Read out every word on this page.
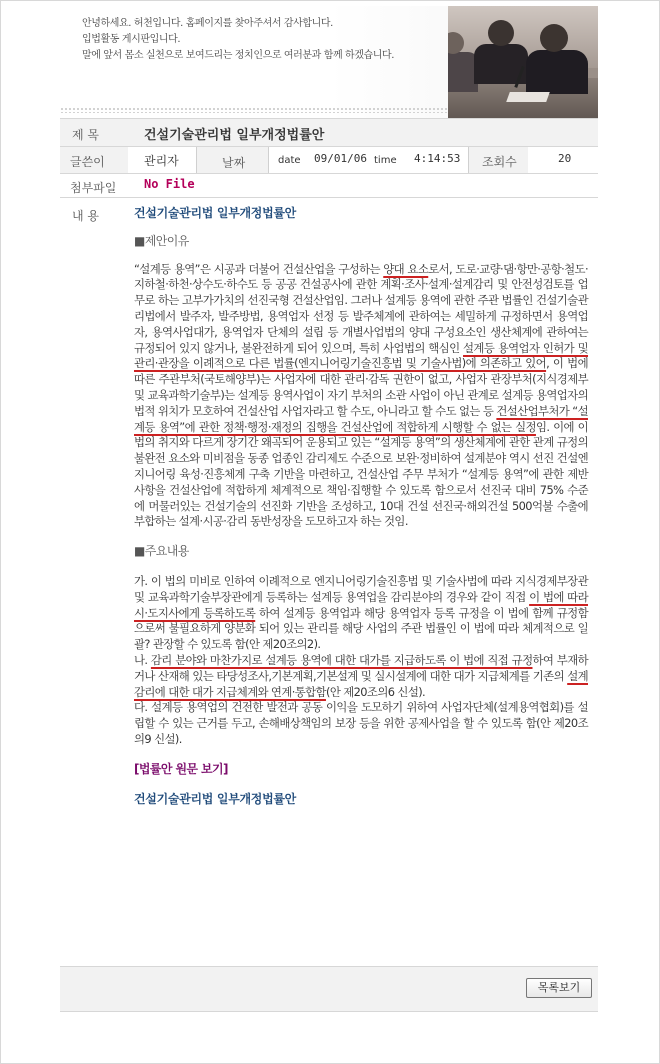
안녕하세요. 허천입니다. 홈페이지를 찾아주셔서 감사합니다.
입법활동 게시판입니다.
말에 앞서 몸소 실천으로 보여드리는 정치인으로 여러분과 함께 하겠습니다.
제 목	건설기술관리법 일부개정법률안
글쓴이	관리자	날짜	date 09/01/06 time 4:14:53 조회수	20
첨부파일 No File
내 용	건설기술관리법 일부개정법률안

■제안이유

“설계등 용역”은 시공과 더불어 건설산업을 구성하는 양대 요소로서, 도로·교량·댐·항만·공항·철도·지하철·하천·상수도·하수도 등 공공 건설공사에 관한 계획·조사·설계·설계감리 및 안전성검토를 업무로 하는 고부가가치의 선진국형 건설산업임. 그러나 설계등 용역에 관한 주관 법률인 건설기술관리법에서 발주자, 발주방법, 용역업자 선정 등 발주체계에 관하여는 세밀하게 규정하면서 용역업자, 용역사업대가, 용역업자 단체의 설립 등 개별사업법의 양대 구성요소인 생산체계에 관하여는 규정되어 있지 않거나, 불완전하게 되어 있으며, 특히 사업법의 핵심인 설계등 용역업자 인허가 및 관리·관장을 이례적으로 다른 법률(엔지니어링기술진흥법 및 기술사법)에 의존하고 있어, 이 법에 따른 주관부처(국토해양부)는 사업자에 대한 관리·감독 권한이 없고, 사업자 관장부처(지식경제부 및 교육과학기술부)는 설계등 용역사업이 자기 부처의 소관 사업이 아닌 관계로 설계등 용역업자의 법적 위치가 모호하여 건설산업 사업자라고 할 수도, 아니라고 할 수도 없는 등 건설산업부처가 “설계등 용역”에 관한 정책·행정·재정의 집행을 건설산업에 적합하게 시행할 수 없는 실정임. 이에 이 법의 취지와 다르게 장기간 왜곡되어 운용되고 있는 “설계등 용역”의 생산체계에 관한 관계 규정의 불완전 요소와 미비점을 동종 업종인 감리제도 수준으로 보완·정비하여 설계분야 역시 선진 건설엔지니어링 육성·진흥체계 구축 기반을 마련하고, 건설산업 주무 부처가 “설계등 용역”에 관한 제반 사항을 건설산업에 적합하게 체계적으로 책임·집행할 수 있도록 함으로서 선진국 대비 75% 수준에 머물러있는 건설기술의 선진화 기반을 조성하고, 10대 건설 선진국·해외건설 500억불 수출에 부합하는 설계·시공·감리 동반성장을 도모하고자 하는 것임.

■주요내용

가. 이 법의 미비로 인하여 이례적으로 엔지니어링기술진흥법 및 기술사법에 따라 지식경제부장관 및 교육과학기술부장관에게 등록하는 설계등 용역업을 감리분야의 경우와 같이 직접 이 법에 따라 시·도지사에게 등록하도록 하여 설계등 용역업과 해당 용역업자 등록 규정을 이 법에 함께 규정함으로써 불필요하게 양분화 되어 있는 관리를 해당 사업의 주관 법률인 이 법에 따라 체계적으로 일괄? 관장할 수 있도록 함(안 제20조의2).

나. 감리 분야와 마찬가지로 설계등 용역에 대한 대가를 지급하도록 이 법에 직접 규정하여 부재하거나 산재해 있는 타당성조사,기본계획,기본설계 및 실시설계에 대한 대가 지급체계를 기존의 설계감리에 대한 대가 지급체계와 연계·통합함(안 제20조의6 신설).

다. 설계등 용역업의 건전한 발전과 공동 이익을 도모하기 위하여 사업자단체(설계용역협회)를 설립할 수 있는 근거를 두고, 손해배상책임의 보장 등을 위한 공제사업을 할 수 있도록 함(안 제20조의9 신설).

[법률안 원문 보기]

건설기술관리법 일부개정법률안

목록보기
